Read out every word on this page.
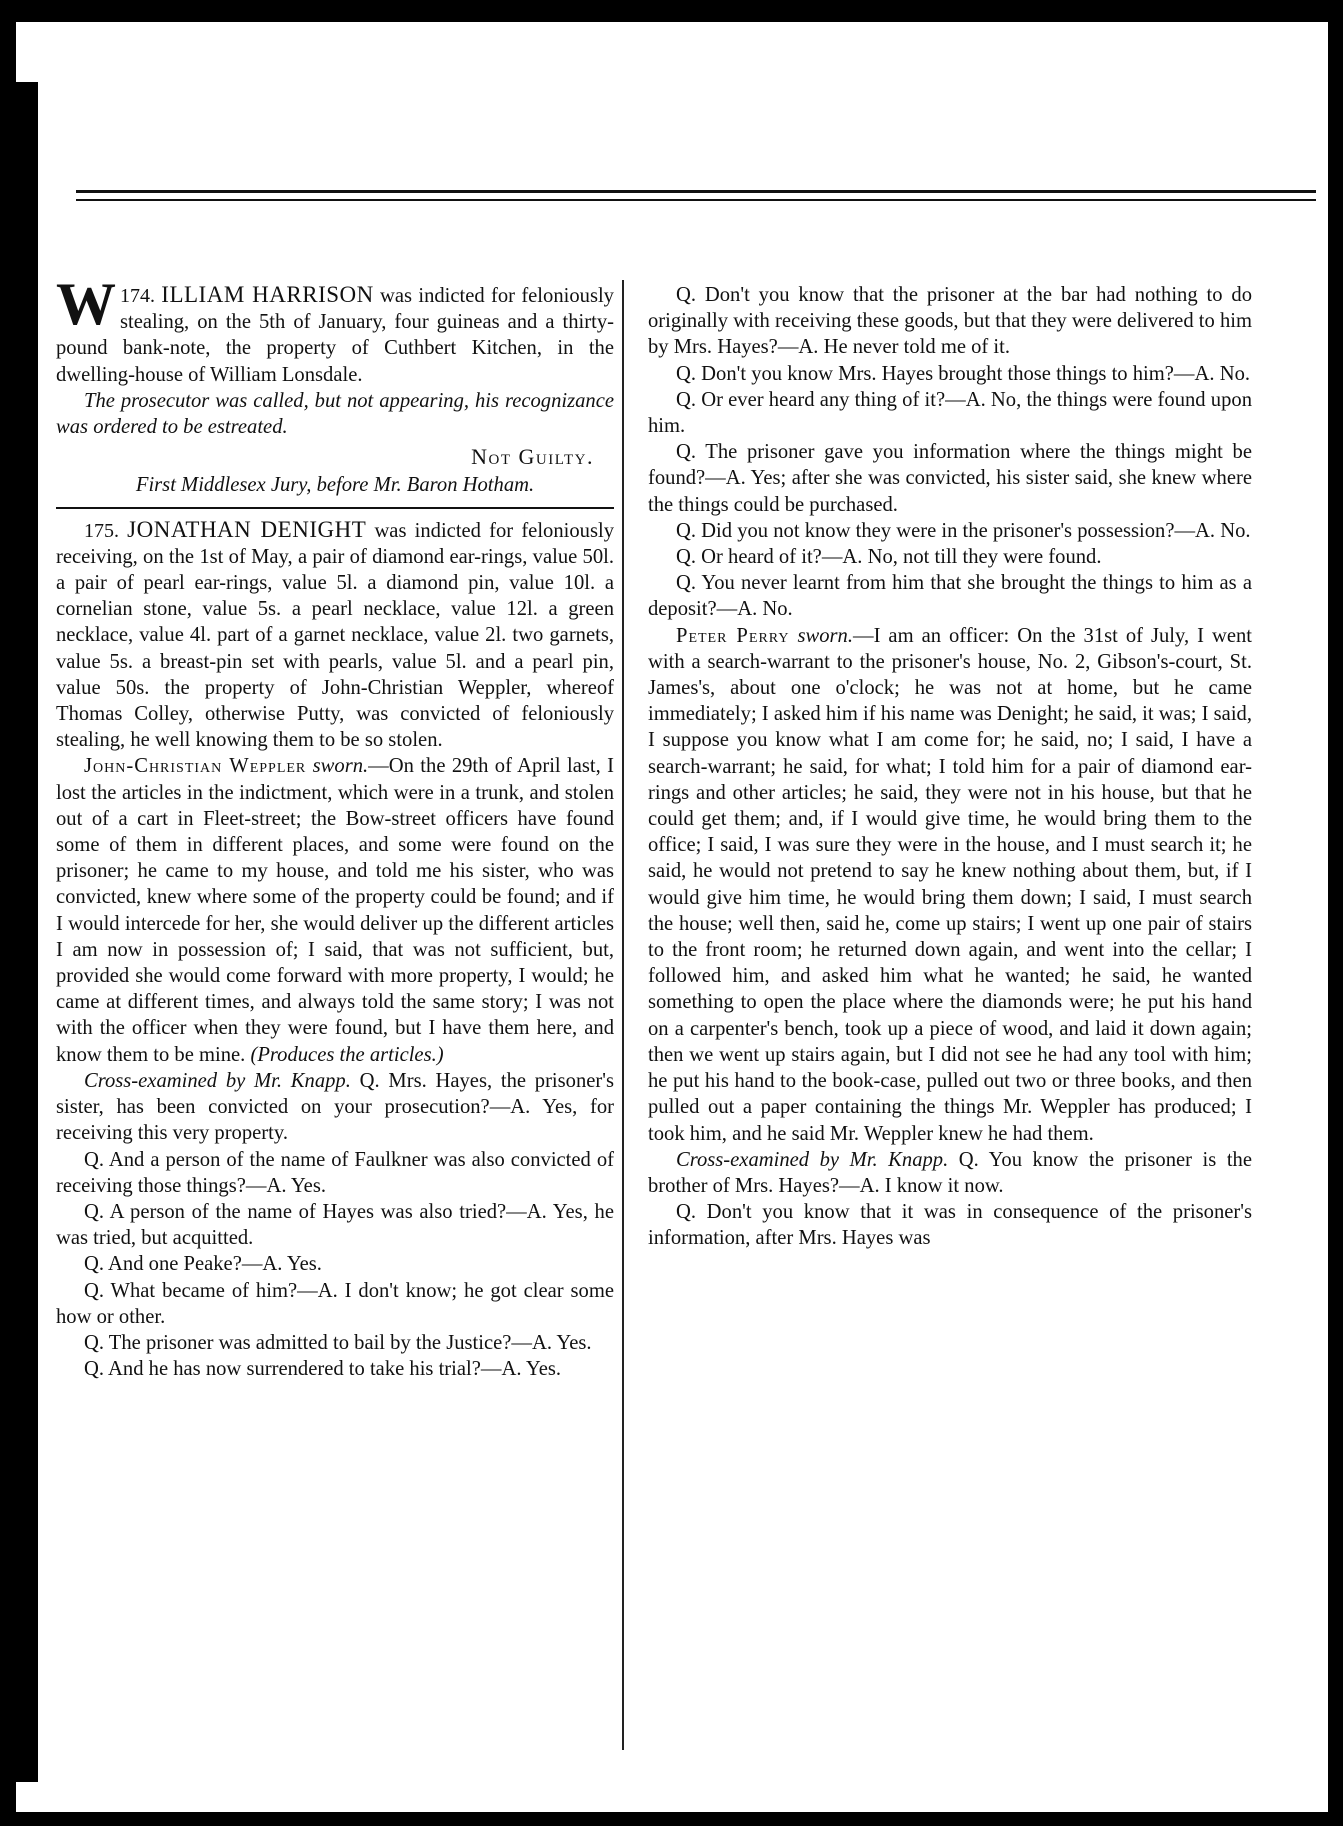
174.
W ILLIAM HARRISON was indicted for feloniously stealing, on the 5th of January, four guineas and a thirty-pound bank-note, the property of Cuthbert Kitchen, in the dwelling-house of William Lonsdale.

The prosecutor was called, but not appearing, his recognizance was ordered to be estreated.

Not Guilty.

First Middlesex Jury, before Mr. Baron Hotham.

175. JONATHAN DENIGHT was indicted for feloniously receiving, on the 1st of May, a pair of diamond ear-rings, value 50l. a pair of pearl ear-rings, value 5l. a diamond pin, value 10l. a cornelian stone, value 5s. a pearl necklace, value 12l. a green necklace, value 4l. part of a garnet necklace, value 2l. two garnets, value 5s. a breast-pin set with pearls, value 5l. and a pearl pin, value 50s. the property of John-Christian Weppler, whereof Thomas Colley, otherwise Putty, was convicted of feloniously stealing, he well knowing them to be so stolen.

John-Christian Weppler sworn.—On the 29th of April last, I lost the articles in the indictment, which were in a trunk, and stolen out of a cart in Fleet-street; the Bow-street officers have found some of them in different places, and some were found on the prisoner; he came to my house, and told me his sister, who was convicted, knew where some of the property could be found; and if I would intercede for her, she would deliver up the different articles I am now in possession of; I said, that was not sufficient, but, provided she would come forward with more property, I would; he came at different times, and always told the same story; I was not with the officer when they were found, but I have them here, and know them to be mine. (Produces the articles.)

Cross-examined by Mr. Knapp. Q. Mrs. Hayes, the prisoner's sister, has been convicted on your prosecution?—A. Yes, for receiving this very property.

Q. And a person of the name of Faulkner was also convicted of receiving those things?—A. Yes.

Q. A person of the name of Hayes was also tried?—A. Yes, he was tried, but acquitted.

Q. And one Peake?—A. Yes.

Q. What became of him?—A. I don't know; he got clear some how or other.

Q. The prisoner was admitted to bail by the Justice?—A. Yes.

Q. And he has now surrendered to take his trial?—A. Yes.

Q. Don't you know that the prisoner at the bar had nothing to do originally with receiving these goods, but that they were delivered to him by Mrs. Hayes?—A. He never told me of it.

Q. Don't you know Mrs. Hayes brought those things to him?—A. No.

Q. Or ever heard any thing of it?—A. No, the things were found upon him.

Q. The prisoner gave you information where the things might be found?—A. Yes; after she was convicted, his sister said, she knew where the things could be purchased.

Q. Did you not know they were in the prisoner's possession?—A. No.

Q. Or heard of it?—A. No, not till they were found.

Q. You never learnt from him that she brought the things to him as a deposit?—A. No.

Peter Perry sworn.—I am an officer: On the 31st of July, I went with a search-warrant to the prisoner's house, No. 2, Gibson's-court, St. James's, about one o'clock; he was not at home, but he came immediately; I asked him if his name was Denight; he said, it was; I said, I suppose you know what I am come for; he said, no; I said, I have a search-warrant; he said, for what; I told him for a pair of diamond ear-rings and other articles; he said, they were not in his house, but that he could get them; and, if I would give time, he would bring them to the office; I said, I was sure they were in the house, and I must search it; he said, he would not pretend to say he knew nothing about them, but, if I would give him time, he would bring them down; I said, I must search the house; well then, said he, come up stairs; I went up one pair of stairs to the front room; he returned down again, and went into the cellar; I followed him, and asked him what he wanted; he said, he wanted something to open the place where the diamonds were; he put his hand on a carpenter's bench, took up a piece of wood, and laid it down again; then we went up stairs again, but I did not see he had any tool with him; he put his hand to the book-case, pulled out two or three books, and then pulled out a paper containing the things Mr. Weppler has produced; I took him, and he said Mr. Weppler knew he had them.

Cross-examined by Mr. Knapp. Q. You know the prisoner is the brother of Mrs. Hayes?—A. I know it now.

Q. Don't you know that it was in consequence of the prisoner's information, after Mrs. Hayes was
